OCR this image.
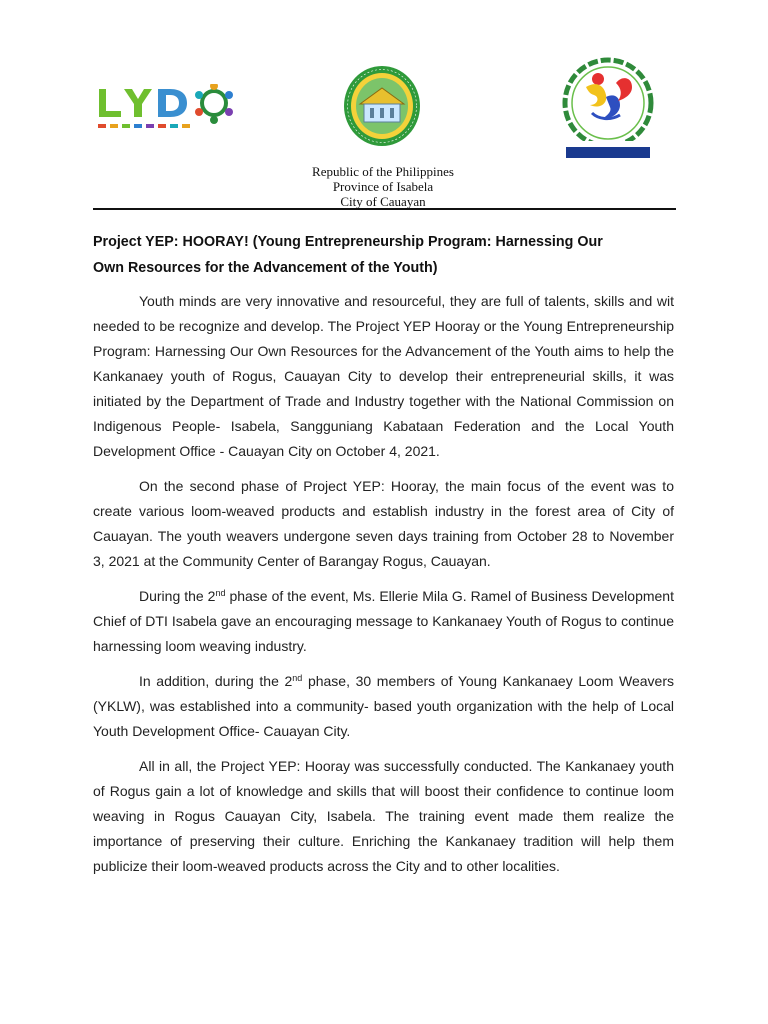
Republic of the Philippines
Province of Isabela
City of Cauayan
Project YEP: HOORAY! (Young Entrepreneurship Program: Harnessing Our
Own Resources for the Advancement of the Youth)

Youth minds are very innovative and resourceful, they are full of talents, skills and wit needed to be recognize and develop. The Project YEP Hooray or the Young Entrepreneurship Program: Harnessing Our Own Resources for the Advancement of the Youth aims to help the Kankanaey youth of Rogus, Cauayan City to develop their entrepreneurial skills, it was initiated by the Department of Trade and Industry together with the National Commission on Indigenous People- Isabela, Sangguniang Kabataan Federation and the Local Youth Development Office - Cauayan City on October 4, 2021.

On the second phase of Project YEP: Hooray, the main focus of the event was to create various loom-weaved products and establish industry in the forest area of City of Cauayan. The youth weavers undergone seven days training from October 28 to November 3, 2021 at the Community Center of Barangay Rogus, Cauayan.

During the 2nd phase of the event, Ms. Ellerie Mila G. Ramel of Business Development Chief of DTI Isabela gave an encouraging message to Kankanaey Youth of Rogus to continue harnessing loom weaving industry.

In addition, during the 2nd phase, 30 members of Young Kankanaey Loom Weavers (YKLW), was established into a community- based youth organization with the help of Local Youth Development Office- Cauayan City.

All in all, the Project YEP: Hooray was successfully conducted. The Kankanaey youth of Rogus gain a lot of knowledge and skills that will boost their confidence to continue loom weaving in Rogus Cauayan City, Isabela. The training event made them realize the importance of preserving their culture. Enriching the Kankanaey tradition will help them publicize their loom-weaved products across the City and to other localities.
